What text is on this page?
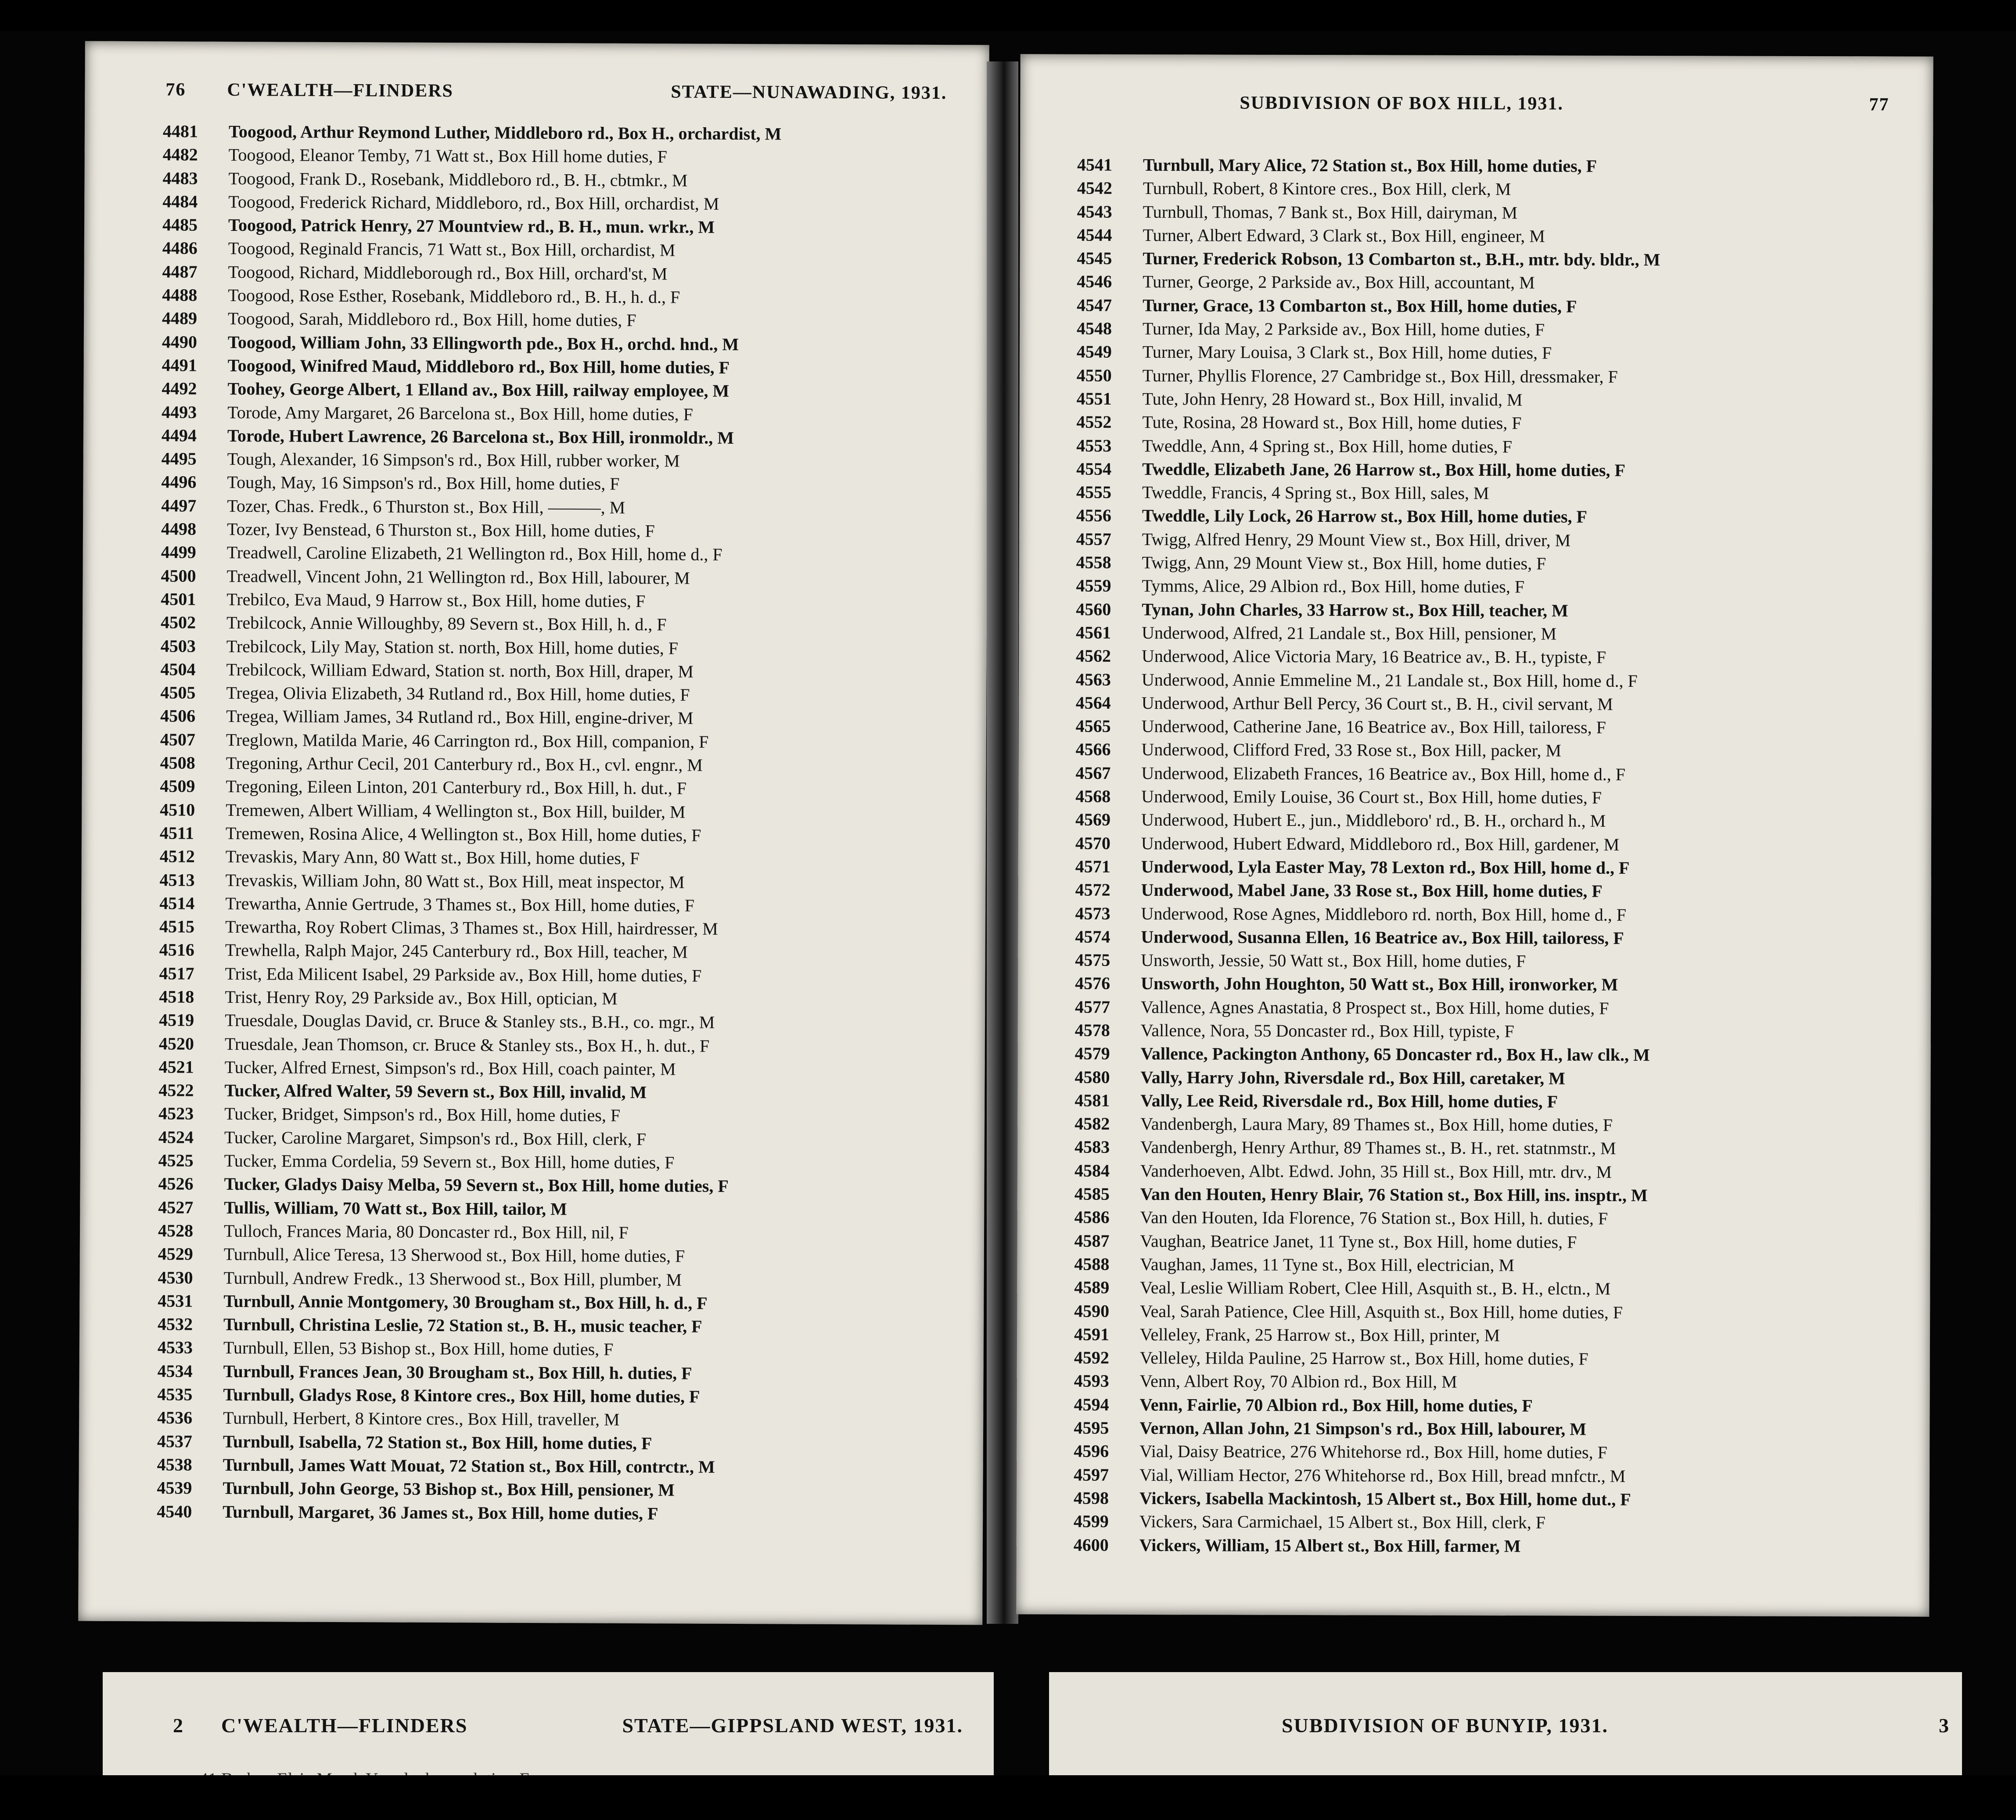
76 C'WEALTH—FLINDERS	STATE—NUNAWADING, 1931.
4481 Toogood, Arthur Reymond Luther, Middleboro rd., Box H., orchardist, M
4482 Toogood, Eleanor Temby, 71 Watt st., Box Hill home duties, F
4483 Toogood, Frank D., Rosebank, Middleboro rd., B. H., cbtmkr., M
4484 Toogood, Frederick Richard, Middleboro, rd., Box Hill, orchardist, M
4485 Toogood, Patrick Henry, 27 Mountview rd., B. H., mun. wrkr., M
4486 Toogood, Reginald Francis, 71 Watt st., Box Hill, orchardist, M
4487 Toogood, Richard, Middleborough rd., Box Hill, orchard'st, M
4488 Toogood, Rose Esther, Rosebank, Middleboro rd., B. H., h. d., F
4489 Toogood, Sarah, Middleboro rd., Box Hill, home duties, F
4490 Toogood, William John, 33 Ellingworth pde., Box H., orchd. hnd., M
4491 Toogood, Winifred Maud, Middleboro rd., Box Hill, home duties, F
4492 Toohey, George Albert, 1 Elland av., Box Hill, railway employee, M
4493 Torode, Amy Margaret, 26 Barcelona st., Box Hill, home duties, F
4494 Torode, Hubert Lawrence, 26 Barcelona st., Box Hill, ironmoldr., M
4495 Tough, Alexander, 16 Simpson's rd., Box Hill, rubber worker, M
4496 Tough, May, 16 Simpson's rd., Box Hill, home duties, F
4497 Tozer, Chas. Fredk., 6 Thurston st., Box Hill, ———, M
4498 Tozer, Ivy Benstead, 6 Thurston st., Box Hill, home duties, F
4499 Treadwell, Caroline Elizabeth, 21 Wellington rd., Box Hill, home d., F
4500 Treadwell, Vincent John, 21 Wellington rd., Box Hill, labourer, M
4501 Trebilco, Eva Maud, 9 Harrow st., Box Hill, home duties, F
4502 Trebilcock, Annie Willoughby, 89 Severn st., Box Hill, h. d., F
4503 Trebilcock, Lily May, Station st. north, Box Hill, home duties, F
4504 Trebilcock, William Edward, Station st. north, Box Hill, draper, M
4505 Tregea, Olivia Elizabeth, 34 Rutland rd., Box Hill, home duties, F
4506 Tregea, William James, 34 Rutland rd., Box Hill, engine-driver, M
4507 Treglown, Matilda Marie, 46 Carrington rd., Box Hill, companion, F
4508 Tregoning, Arthur Cecil, 201 Canterbury rd., Box H., cvl. engnr., M
4509 Tregoning, Eileen Linton, 201 Canterbury rd., Box Hill, h. dut., F
4510 Tremewen, Albert William, 4 Wellington st., Box Hill, builder, M
4511 Tremewen, Rosina Alice, 4 Wellington st., Box Hill, home duties, F
4512 Trevaskis, Mary Ann, 80 Watt st., Box Hill, home duties, F
4513 Trevaskis, William John, 80 Watt st., Box Hill, meat inspector, M
4514 Trewartha, Annie Gertrude, 3 Thames st., Box Hill, home duties, F
4515 Trewartha, Roy Robert Climas, 3 Thames st., Box Hill, hairdresser, M
4516 Trewhella, Ralph Major, 245 Canterbury rd., Box Hill, teacher, M
4517 Trist, Eda Milicent Isabel, 29 Parkside av., Box Hill, home duties, F
4518 Trist, Henry Roy, 29 Parkside av., Box Hill, optician, M
4519 Truesdale, Douglas David, cr. Bruce & Stanley sts., B.H., co. mgr., M
4520 Truesdale, Jean Thomson, cr. Bruce & Stanley sts., Box H., h. dut., F
4521 Tucker, Alfred Ernest, Simpson's rd., Box Hill, coach painter, M
4522 Tucker, Alfred Walter, 59 Severn st., Box Hill, invalid, M
4523 Tucker, Bridget, Simpson's rd., Box Hill, home duties, F
4524 Tucker, Caroline Margaret, Simpson's rd., Box Hill, clerk, F
4525 Tucker, Emma Cordelia, 59 Severn st., Box Hill, home duties, F
4526 Tucker, Gladys Daisy Melba, 59 Severn st., Box Hill, home duties, F
4527 Tullis, William, 70 Watt st., Box Hill, tailor, M
4528 Tulloch, Frances Maria, 80 Doncaster rd., Box Hill, nil, F
4529 Turnbull, Alice Teresa, 13 Sherwood st., Box Hill, home duties, F
4530 Turnbull, Andrew Fredk., 13 Sherwood st., Box Hill, plumber, M
4531 Turnbull, Annie Montgomery, 30 Brougham st., Box Hill, h. d., F
4532 Turnbull, Christina Leslie, 72 Station st., B. H., music teacher, F
4533 Turnbull, Ellen, 53 Bishop st., Box Hill, home duties, F
4534 Turnbull, Frances Jean, 30 Brougham st., Box Hill, h. duties, F
4535 Turnbull, Gladys Rose, 8 Kintore cres., Box Hill, home duties, F
4536 Turnbull, Herbert, 8 Kintore cres., Box Hill, traveller, M
4537 Turnbull, Isabella, 72 Station st., Box Hill, home duties, F
4538 Turnbull, James Watt Mouat, 72 Station st., Box Hill, contrctr., M
4539 Turnbull, John George, 53 Bishop st., Box Hill, pensioner, M
4540 Turnbull, Margaret, 36 James st., Box Hill, home duties, F
SUBDIVISION OF BOX HILL, 1931.	77
4541 Turnbull, Mary Alice, 72 Station st., Box Hill, home duties, F
4542 Turnbull, Robert, 8 Kintore cres., Box Hill, clerk, M
4543 Turnbull, Thomas, 7 Bank st., Box Hill, dairyman, M
4544 Turner, Albert Edward, 3 Clark st., Box Hill, engineer, M
4545 Turner, Frederick Robson, 13 Combarton st., B.H., mtr. bdy. bldr., M
4546 Turner, George, 2 Parkside av., Box Hill, accountant, M
4547 Turner, Grace, 13 Combarton st., Box Hill, home duties, F
4548 Turner, Ida May, 2 Parkside av., Box Hill, home duties, F
4549 Turner, Mary Louisa, 3 Clark st., Box Hill, home duties, F
4550 Turner, Phyllis Florence, 27 Cambridge st., Box Hill, dressmaker, F
4551 Tute, John Henry, 28 Howard st., Box Hill, invalid, M
4552 Tute, Rosina, 28 Howard st., Box Hill, home duties, F
4553 Tweddle, Ann, 4 Spring st., Box Hill, home duties, F
4554 Tweddle, Elizabeth Jane, 26 Harrow st., Box Hill, home duties, F
4555 Tweddle, Francis, 4 Spring st., Box Hill, sales, M
4556 Tweddle, Lily Lock, 26 Harrow st., Box Hill, home duties, F
4557 Twigg, Alfred Henry, 29 Mount View st., Box Hill, driver, M
4558 Twigg, Ann, 29 Mount View st., Box Hill, home duties, F
4559 Tymms, Alice, 29 Albion rd., Box Hill, home duties, F
4560 Tynan, John Charles, 33 Harrow st., Box Hill, teacher, M
4561 Underwood, Alfred, 21 Landale st., Box Hill, pensioner, M
4562 Underwood, Alice Victoria Mary, 16 Beatrice av., B. H., typiste, F
4563 Underwood, Annie Emmeline M., 21 Landale st., Box Hill, home d., F
4564 Underwood, Arthur Bell Percy, 36 Court st., B. H., civil servant, M
4565 Underwood, Catherine Jane, 16 Beatrice av., Box Hill, tailoress, F
4566 Underwood, Clifford Fred, 33 Rose st., Box Hill, packer, M
4567 Underwood, Elizabeth Frances, 16 Beatrice av., Box Hill, home d., F
4568 Underwood, Emily Louise, 36 Court st., Box Hill, home duties, F
4569 Underwood, Hubert E., jun., Middleboro' rd., B. H., orchard h., M
4570 Underwood, Hubert Edward, Middleboro rd., Box Hill, gardener, M
4571 Underwood, Lyla Easter May, 78 Lexton rd., Box Hill, home d., F
4572 Underwood, Mabel Jane, 33 Rose st., Box Hill, home duties, F
4573 Underwood, Rose Agnes, Middleboro rd. north, Box Hill, home d., F
4574 Underwood, Susanna Ellen, 16 Beatrice av., Box Hill, tailoress, F
4575 Unsworth, Jessie, 50 Watt st., Box Hill, home duties, F
4576 Unsworth, John Houghton, 50 Watt st., Box Hill, ironworker, M
4577 Vallence, Agnes Anastatia, 8 Prospect st., Box Hill, home duties, F
4578 Vallence, Nora, 55 Doncaster rd., Box Hill, typiste, F
4579 Vallence, Packington Anthony, 65 Doncaster rd., Box H., law clk., M
4580 Vally, Harry John, Riversdale rd., Box Hill, caretaker, M
4581 Vally, Lee Reid, Riversdale rd., Box Hill, home duties, F
4582 Vandenbergh, Laura Mary, 89 Thames st., Box Hill, home duties, F
4583 Vandenbergh, Henry Arthur, 89 Thames st., B. H., ret. statnmstr., M
4584 Vanderhoeven, Albt. Edwd. John, 35 Hill st., Box Hill, mtr. drv., M
4585 Van den Houten, Henry Blair, 76 Station st., Box Hill, ins. insptr., M
4586 Van den Houten, Ida Florence, 76 Station st., Box Hill, h. duties, F
4587 Vaughan, Beatrice Janet, 11 Tyne st., Box Hill, home duties, F
4588 Vaughan, James, 11 Tyne st., Box Hill, electrician, M
4589 Veal, Leslie William Robert, Clee Hill, Asquith st., B. H., elctn., M
4590 Veal, Sarah Patience, Clee Hill, Asquith st., Box Hill, home duties, F
4591 Velleley, Frank, 25 Harrow st., Box Hill, printer, M
4592 Velleley, Hilda Pauline, 25 Harrow st., Box Hill, home duties, F
4593 Venn, Albert Roy, 70 Albion rd., Box Hill, M
4594 Venn, Fairlie, 70 Albion rd., Box Hill, home duties, F
4595 Vernon, Allan John, 21 Simpson's rd., Box Hill, labourer, M
4596 Vial, Daisy Beatrice, 276 Whitehorse rd., Box Hill, home duties, F
4597 Vial, William Hector, 276 Whitehorse rd., Box Hill, bread mnfctr., M
4598 Vickers, Isabella Mackintosh, 15 Albert st., Box Hill, home dut., F
4599 Vickers, Sara Carmichael, 15 Albert st., Box Hill, clerk, F
4600 Vickers, William, 15 Albert st., Box Hill, farmer, M
2 C'WEALTH—FLINDERS	STATE—GIPPSLAND WEST, 1931.	SUBDIVISION OF BUNYIP, 1931.	3
